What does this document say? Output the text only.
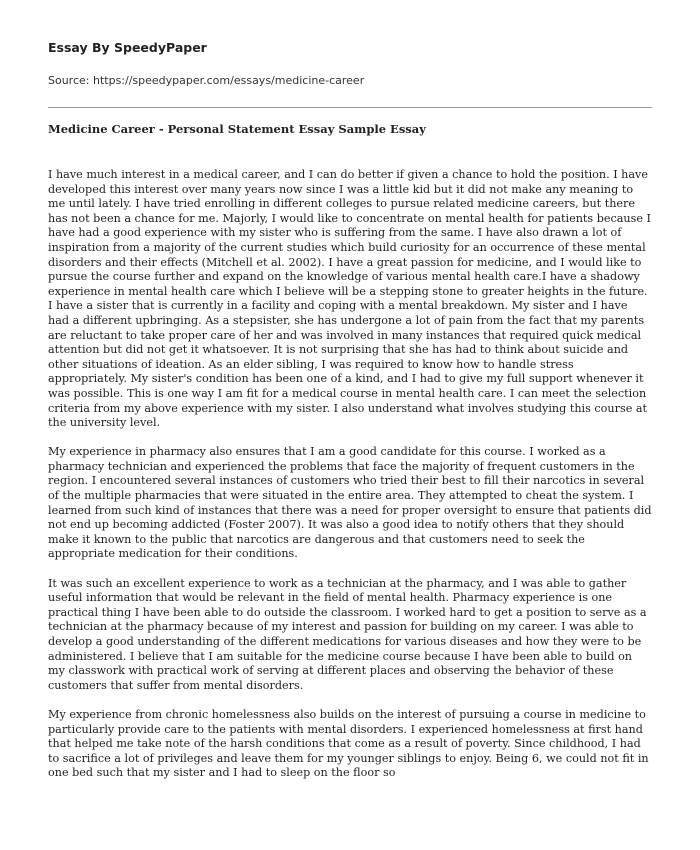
Essay By SpeedyPaper
Source: https://speedypaper.com/essays/medicine-career
Medicine Career - Personal Statement Essay Sample Essay

I have much interest in a medical career, and I can do better if given a chance to hold the position. I have developed this interest over many years now since I was a little kid but it did not make any meaning to me until lately. I have tried enrolling in different colleges to pursue related medicine careers, but there has not been a chance for me. Majorly, I would like to concentrate on mental health for patients because I have had a good experience with my sister who is suffering from the same. I have also drawn a lot of inspiration from a majority of the current studies which build curiosity for an occurrence of these mental disorders and their effects (Mitchell et al. 2002). I have a great passion for medicine, and I would like to pursue the course further and expand on the knowledge of various mental health care.I have a shadowy experience in mental health care which I believe will be a stepping stone to greater heights in the future. I have a sister that is currently in a facility and coping with a mental breakdown. My sister and I have had a different upbringing. As a stepsister, she has undergone a lot of pain from the fact that my parents are reluctant to take proper care of her and was involved in many instances that required quick medical attention but did not get it whatsoever. It is not surprising that she has had to think about suicide and other situations of ideation. As an elder sibling, I was required to know how to handle stress appropriately. My sister's condition has been one of a kind, and I had to give my full support whenever it was possible. This is one way I am fit for a medical course in mental health care. I can meet the selection criteria from my above experience with my sister. I also understand what involves studying this course at the university level.

My experience in pharmacy also ensures that I am a good candidate for this course. I worked as a pharmacy technician and experienced the problems that face the majority of frequent customers in the region. I encountered several instances of customers who tried their best to fill their narcotics in several of the multiple pharmacies that were situated in the entire area. They attempted to cheat the system. I learned from such kind of instances that there was a need for proper oversight to ensure that patients did not end up becoming addicted (Foster 2007). It was also a good idea to notify others that they should make it known to the public that narcotics are dangerous and that customers need to seek the appropriate medication for their conditions.

It was such an excellent experience to work as a technician at the pharmacy, and I was able to gather useful information that would be relevant in the field of mental health. Pharmacy experience is one practical thing I have been able to do outside the classroom. I worked hard to get a position to serve as a technician at the pharmacy because of my interest and passion for building on my career. I was able to develop a good understanding of the different medications for various diseases and how they were to be administered. I believe that I am suitable for the medicine course because I have been able to build on my classwork with practical work of serving at different places and observing the behavior of these customers that suffer from mental disorders.

My experience from chronic homelessness also builds on the interest of pursuing a course in medicine to particularly provide care to the patients with mental disorders. I experienced homelessness at first hand that helped me take note of the harsh conditions that come as a result of poverty. Since childhood, I had to sacrifice a lot of privileges and leave them for my younger siblings to enjoy. Being 6, we could not fit in one bed such that my sister and I had to sleep on the floor so
